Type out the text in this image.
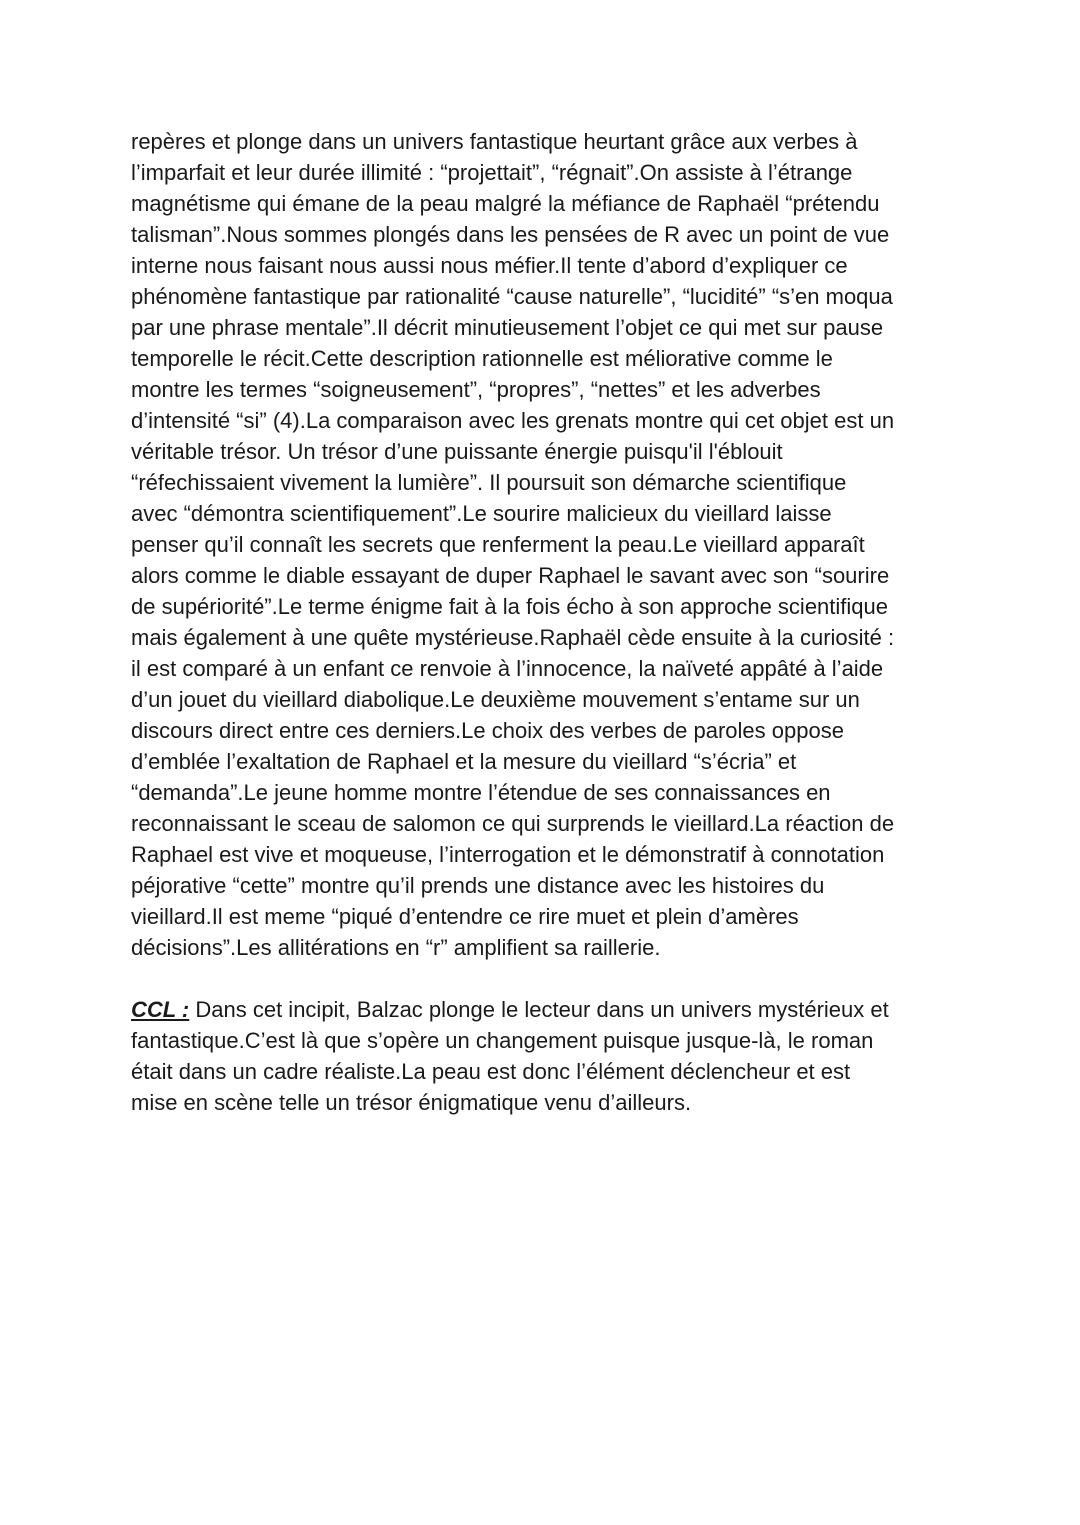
repères et plonge dans un univers fantastique heurtant grâce aux verbes à
l’imparfait et leur durée illimité : “projettait”, “régnait”.On assiste à l’étrange
magnétisme qui émane de la peau malgré la méfiance de Raphaël “prétendu
talisman”.Nous sommes plongés dans les pensées de R avec un point de vue
interne nous faisant nous aussi nous méfier.Il tente d’abord d’expliquer ce
phénomène fantastique par rationalité “cause naturelle”, “lucidité” “s’en moqua
par une phrase mentale”.Il décrit minutieusement l’objet ce qui met sur pause
temporelle le récit.Cette description rationnelle est méliorative comme le
montre les termes “soigneusement”, “propres”, “nettes” et les adverbes
d’intensité “si” (4).La comparaison avec les grenats montre qui cet objet est un
véritable trésor. Un trésor d’une puissante énergie puisqu'il l'éblouit
“réfechissaient vivement la lumière”. Il poursuit son démarche scientifique
avec “démontra scientifiquement”.Le sourire malicieux du vieillard laisse
penser qu’il connaît les secrets que renferment la peau.Le vieillard apparaît
alors comme le diable essayant de duper Raphael le savant avec son “sourire
de supériorité”.Le terme énigme fait à la fois écho à son approche scientifique
mais également à une quête mystérieuse.Raphaël cède ensuite à la curiosité :
il est comparé à un enfant ce renvoie à l’innocence, la naïveté appâté à l’aide
d’un jouet du vieillard diabolique.Le deuxième mouvement s’entame sur un
discours direct entre ces derniers.Le choix des verbes de paroles oppose
d’emblée l’exaltation de Raphael et la mesure du vieillard “s’écria” et
“demanda”.Le jeune homme montre l’étendue de ses connaissances en
reconnaissant le sceau de salomon ce qui surprends le vieillard.La réaction de
Raphael est vive et moqueuse, l’interrogation et le démonstratif à connotation
péjorative “cette” montre qu’il prends une distance avec les histoires du
vieillard.Il est meme “piqué d’entendre ce rire muet et plein d’amères
décisions”.Les allitérations en “r” amplifient sa raillerie.
CCL : Dans cet incipit, Balzac plonge le lecteur dans un univers mystérieux et
fantastique.C’est là que s’opère un changement puisque jusque-là, le roman
était dans un cadre réaliste.La peau est donc l’élément déclencheur et est
mise en scène telle un trésor énigmatique venu d’ailleurs.
